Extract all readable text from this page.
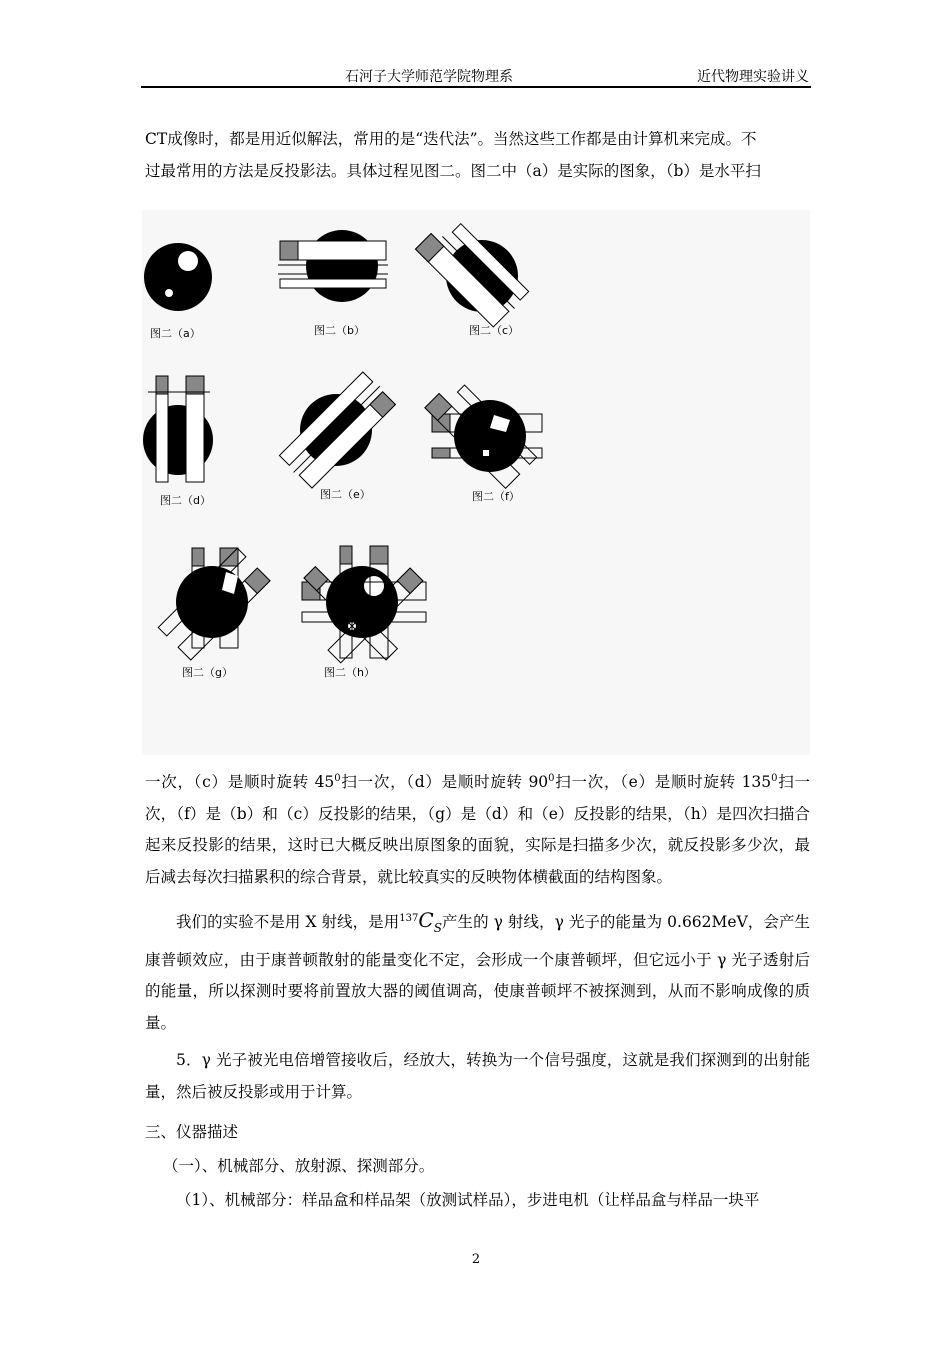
石河子大学师范学院物理系	近代物理实验讲义
CT成像时，都是用近似解法，常用的是“迭代法”。当然这些工作都是由计算机来完成。不
过最常用的方法是反投影法。具体过程见图二。图二中（a）是实际的图象，（b）是水平扫
图二（a）	图二（b）	图二（c）
图二（d）	图二（e）	图二（f）
图二（g）	图二（h）
一次，（c）是顺时旋转 $45^0$扫一次，（d）是顺时旋转 $90^0$扫一次，（e）是顺时旋转 $135^0$扫一次，（f）是（b）和（c）反投影的结果，（g）是（d）和（e）反投影的结果，（h）是四次扫描合起来反投影的结果，这时已大概反映出原图象的面貌，实际是扫描多少次，就反投影多少次，最后减去每次扫描累积的综合背景，就比较真实的反映物体横截面的结构图象。
我们的实验不是用 X 射线，是用$^{137}C_S$产生的 γ 射线，γ 光子的能量为 0.662MeV，会产生康普顿效应，由于康普顿散射的能量变化不定，会形成一个康普顿坪，但它远小于 γ 光子透射后的能量，所以探测时要将前置放大器的阈值调高，使康普顿坪不被探测到，从而不影响成像的质量。
5．γ 光子被光电倍增管接收后，经放大，转换为一个信号强度，这就是我们探测到的出射能量，然后被反投影或用于计算。
三、仪器描述
（一）、机械部分、放射源、探测部分。
（1）、机械部分：样品盒和样品架（放测试样品），步进电机（让样品盒与样品一块平
2
